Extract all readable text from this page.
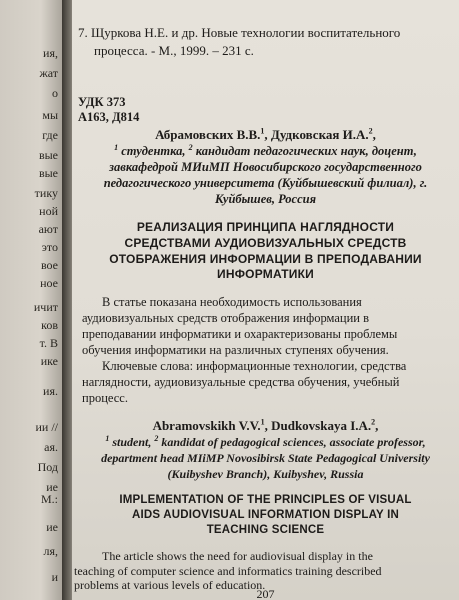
ия,
жат
о
мы
где
вые
вые
тику
ной
ают
это
вое
ное
ичит
ков
т. В
ике
ия.
ии //
ая.
Под
ие
М.:
ие
ля,
и
7. Щуркова Н.Е. и др. Новые технологии воспитательного
процесса. - М., 1999. – 231 с.
УДК 373
А163, Д814
Абрамовских В.В.$^1$, Дудковская И.А.$^2$,
$^1$ студентка, $^2$ кандидат педагогических наук, доцент,
завкафедрой МИиМП Новосибирского государственного
педагогического университета (Куйбышевский филиал), г.
Куйбышев, Россия
РЕАЛИЗАЦИЯ ПРИНЦИПА НАГЛЯДНОСТИ
СРЕДСТВАМИ АУДИОВИЗУАЛЬНЫХ СРЕДСТВ
ОТОБРАЖЕНИЯ ИНФОРМАЦИИ В ПРЕПОДАВАНИИ
ИНФОРМАТИКИ
В статье показана необходимость использования
аудиовизуальных средств отображения информации в
преподавании информатики и охарактеризованы проблемы
обучения информатики на различных ступенях обучения.
Ключевые слова: информационные технологии, средства
наглядности, аудиовизуальные средства обучения, учебный
процесс.
Abramovskikh V.V.$^1$, Dudkovskaya I.A.$^2$,
$^1$ student, $^2$ kandidat of pedagogical sciences, associate professor,
department head MIiMP Novosibirsk State Pedagogical University
(Kuibyshev Branch), Kuibyshev, Russia
IMPLEMENTATION OF THE PRINCIPLES OF VISUAL
AIDS AUDIOVISUAL INFORMATION DISPLAY IN
TEACHING SCIENCE
The article shows the need for audiovisual display in the
teaching of computer science and informatics training described
problems at various levels of education.
207
